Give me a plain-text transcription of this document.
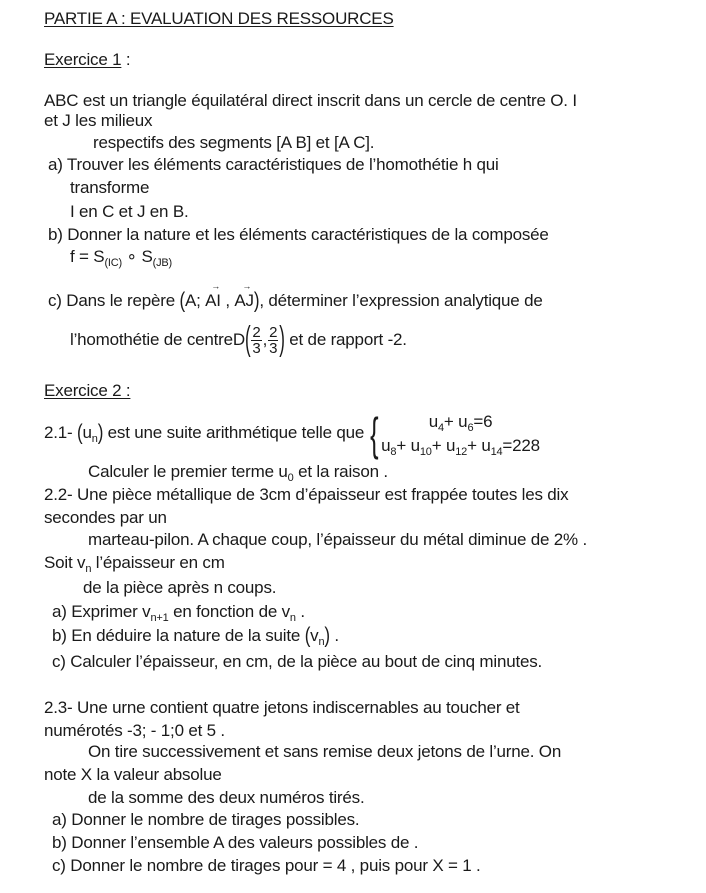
PARTIE A : EVALUATION DES RESSOURCES
Exercice 1 :
ABC est un triangle équilatéral direct inscrit dans un cercle de centre O. I
et J les milieux
respectifs des segments [A B] et [A C].
a) Trouver les éléments caractéristiques de l’homothétie h qui
transforme
I en C et J en B.
b) Donner la nature et les éléments caractéristiques de la composée
$f = S_{(IC)}$ ∘ $S_{(JB)}$
c) Dans le repère (A; → AI , → AJ), déterminer l’expression analytique de
l’homothétie de centreD( $\frac{2}{3}$ , $\frac{2}{3}$ ) et de rapport -2.
Exercice 2 :
2.1- $(u_n)$ est une suite arithmétique telle que {	$u_4+ u_6=6$
$u_8+ u_{10}+ u_{12}+ u_{14}=228$
Calculer le premier terme $u_0$ et la raison .
2.2- Une pièce métallique de 3cm d’épaisseur est frappée toutes les dix
secondes par un
marteau-pilon. A chaque coup, l’épaisseur du métal diminue de 2% .
Soit $v_n$ l’épaisseur en cm
de la pièce après n coups.
a) Exprimer $v_{n+1}$ en fonction de $v_n$ .
b) En déduire la nature de la suite $(v_n)$ .
c) Calculer l’épaisseur, en cm, de la pièce au bout de cinq minutes.
2.3- Une urne contient quatre jetons indiscernables au toucher et
numérotés -3; - 1;0 et 5 .
On tire successivement et sans remise deux jetons de l’urne. On
note X la valeur absolue
de la somme des deux numéros tirés.
a) Donner le nombre de tirages possibles.
b) Donner l’ensemble A des valeurs possibles de .
c) Donner le nombre de tirages pour = 4 , puis pour X = 1 .
